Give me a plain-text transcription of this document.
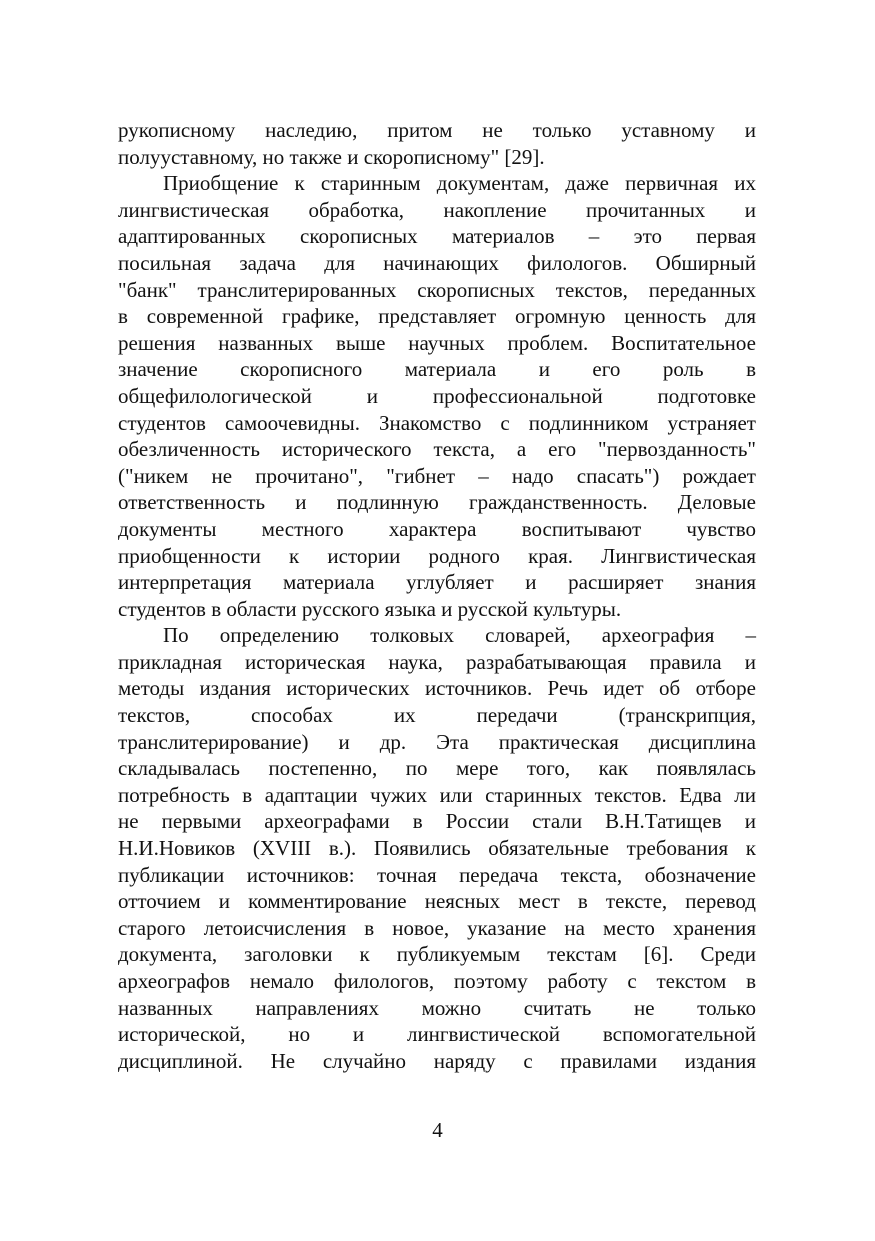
рукописному наследию, притом не только уставному и
полууставному, но также и скорописному" [29].
Приобщение к старинным документам, даже первичная их
лингвистическая обработка, накопление прочитанных и
адаптированных скорописных материалов – это первая
посильная задача для начинающих филологов. Обширный
"банк" транслитерированных скорописных текстов, переданных
в современной графике, представляет огромную ценность для
решения названных выше научных проблем. Воспитательное
значение скорописного материала и его роль в
общефилологической и профессиональной подготовке
студентов самоочевидны. Знакомство с подлинником устраняет
обезличенность исторического текста, а его "первозданность"
("никем не прочитано", "гибнет – надо спасать") рождает
ответственность и подлинную гражданственность. Деловые
документы местного характера воспитывают чувство
приобщенности к истории родного края. Лингвистическая
интерпретация материала углубляет и расширяет знания
студентов в области русского языка и русской культуры.
По определению толковых словарей, археография –
прикладная историческая наука, разрабатывающая правила и
методы издания исторических источников. Речь идет об отборе
текстов, способах их передачи (транскрипция,
транслитерирование) и др. Эта практическая дисциплина
складывалась постепенно, по мере того, как появлялась
потребность в адаптации чужих или старинных текстов. Едва ли
не первыми археографами в России стали В.Н.Татищев и
Н.И.Новиков (XVIII в.). Появились обязательные требования к
публикации источников: точная передача текста, обозначение
отточием и комментирование неясных мест в тексте, перевод
старого летоисчисления в новое, указание на место хранения
документа, заголовки к публикуемым текстам [6]. Среди
археографов немало филологов, поэтому работу с текстом в
названных направлениях можно считать не только
исторической, но и лингвистической вспомогательной
дисциплиной. Не случайно наряду с правилами издания
4
